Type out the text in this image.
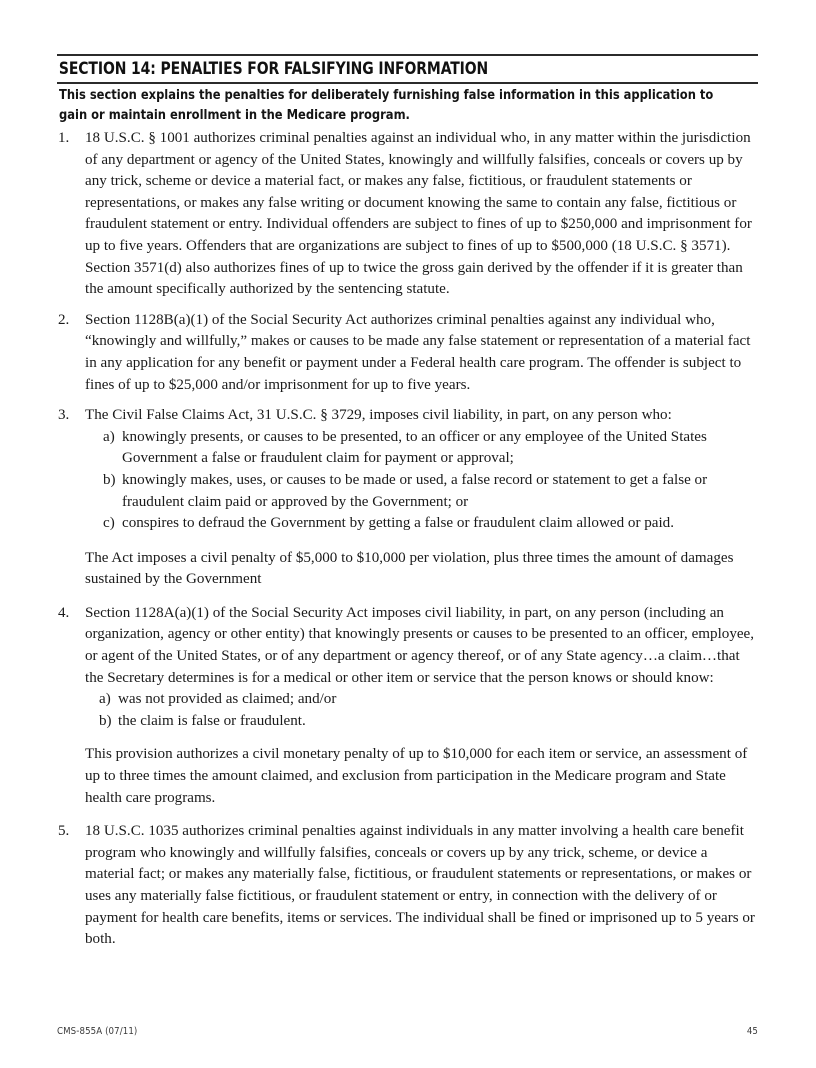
SECTION 14: PENALTIES FOR FALSIFYING INFORMATION
This section explains the penalties for deliberately furnishing false information in this application to gain or maintain enrollment in the Medicare program.
1.	18 U.S.C. § 1001 authorizes criminal penalties against an individual who, in any matter within the jurisdiction of any department or agency of the United States, knowingly and willfully falsifies, conceals or covers up by any trick, scheme or device a material fact, or makes any false, fictitious, or fraudulent statements or representations, or makes any false writing or document knowing the same to contain any false, fictitious or fraudulent statement or entry. Individual offenders are subject to fines of up to $250,000 and imprisonment for up to five years. Offenders that are organizations are subject to fines of up to $500,000 (18 U.S.C. § 3571). Section 3571(d) also authorizes fines of up to twice the gross gain derived by the offender if it is greater than the amount specifically authorized by the sentencing statute.

2.	Section 1128B(a)(1) of the Social Security Act authorizes criminal penalties against any individual who, “knowingly and willfully,” makes or causes to be made any false statement or representation of a material fact in any application for any benefit or payment under a Federal health care program. The offender is subject to fines of up to $25,000 and/or imprisonment for up to five years.

3.	The Civil False Claims Act, 31 U.S.C. § 3729, imposes civil liability, in part, on any person who:

a) knowingly presents, or causes to be presented, to an officer or any employee of the United States Government a false or fraudulent claim for payment or approval;
b) knowingly makes, uses, or causes to be made or used, a false record or statement to get a false or fraudulent claim paid or approved by the Government; or
c) conspires to defraud the Government by getting a false or fraudulent claim allowed or paid.

The Act imposes a civil penalty of $5,000 to $10,000 per violation, plus three times the amount of damages sustained by the Government

4.	Section 1128A(a)(1) of the Social Security Act imposes civil liability, in part, on any person (including an organization, agency or other entity) that knowingly presents or causes to be presented to an officer, employee, or agent of the United States, or of any department or agency thereof, or of any State agency…a claim…that the Secretary determines is for a medical or other item or service that the person knows or should know:

a) was not provided as claimed; and/or
b) the claim is false or fraudulent.

This provision authorizes a civil monetary penalty of up to $10,000 for each item or service, an assessment of up to three times the amount claimed, and exclusion from participation in the Medicare program and State health care programs.

5.	18 U.S.C. 1035 authorizes criminal penalties against individuals in any matter involving a health care benefit program who knowingly and willfully falsifies, conceals or covers up by any trick, scheme, or device a material fact; or makes any materially false, fictitious, or fraudulent statements or representations, or makes or uses any materially false fictitious, or fraudulent statement or entry, in connection with the delivery of or payment for health care benefits, items or services. The individual shall be fined or imprisoned up to 5 years or both.

CMS-855A (07/11)	45
